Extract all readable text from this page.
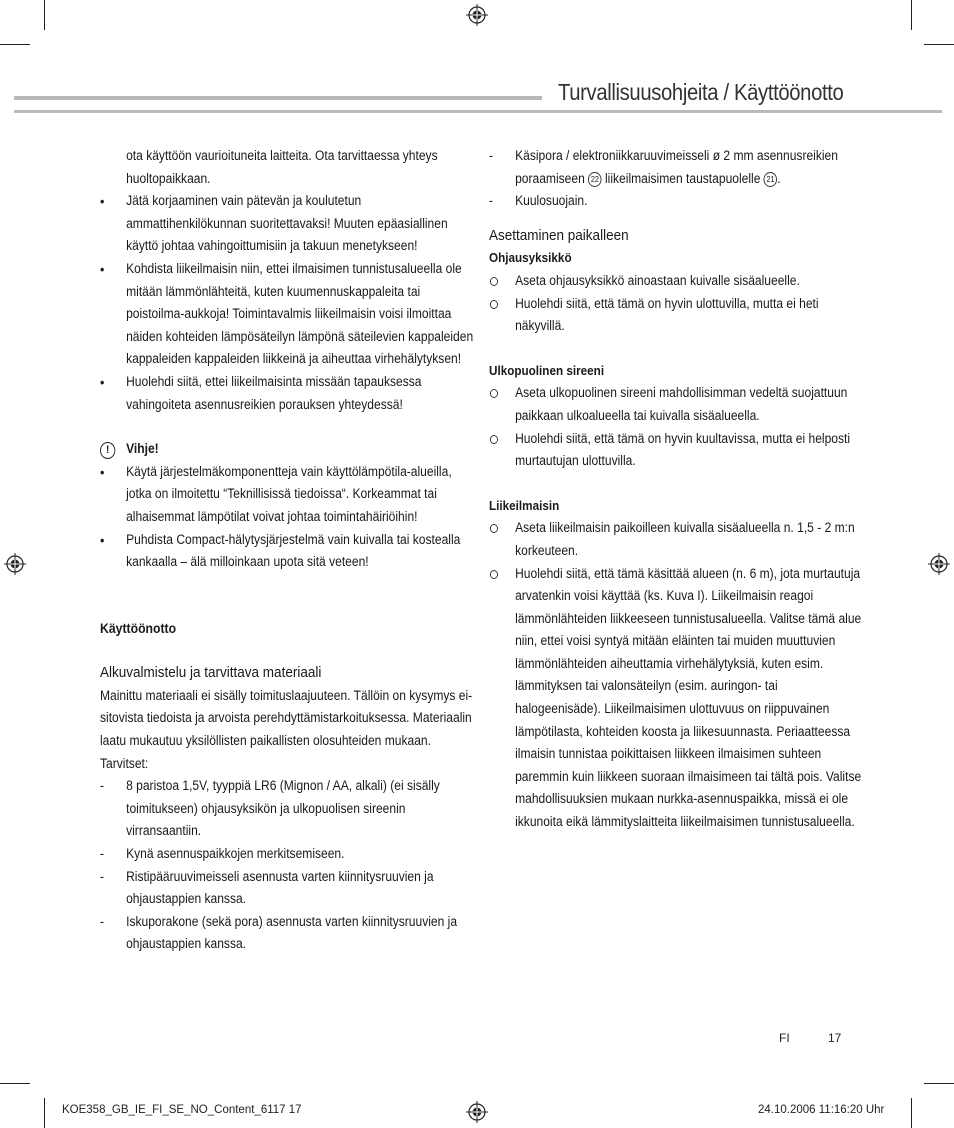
Turvallisuusohjeita / Käyttöönotto
ota käyttöön vaurioituneita laitteita. Ota tarvittaessa yhteys huoltopaikkaan.
•	Jätä korjaaminen vain pätevän ja koulutetun ammattihenkilökunnan suoritettavaksi! Muuten epäasiallinen käyttö johtaa vahingoittumisiin ja takuun menetykseen!
•	Kohdista liikeilmaisin niin, ettei ilmaisimen tunnistusalueella ole mitään lämmönlähteitä, kuten kuumennuskappaleita tai poistoilma-aukkoja! Toimintavalmis liikeilmaisin voisi ilmoittaa näiden kohteiden lämpösäteilyn lämpönä säteilevien kappaleiden kappaleiden kappaleiden liikkeinä ja aiheuttaa virhehälytyksen!
•	Huolehdi siitä, ettei liikeilmaisinta missään tapauksessa vahingoiteta asennusreikien porauksen yhteydessä!
!	Vihje!
•	Käytä järjestelmäkomponentteja vain käyttölämpötila-alueilla, jotka on ilmoitettu “Teknillisissä tiedoissa“. Korkeammat tai alhaisemmat lämpötilat voivat johtaa toimintahäiriöihin!
•	Puhdista Compact-hälytysjärjestelmä vain kuivalla tai kostealla kankaalla – älä milloinkaan upota sitä veteen!

Käyttöönotto

Alkuvalmistelu ja tarvittava materiaali

Mainittu materiaali ei sisälly toimituslaajuuteen. Tällöin on kysymys ei-sitovista tiedoista ja arvoista perehdyttämistarkoituksessa. Materiaalin laatu mukautuu yksilöllisten paikallisten olosuhteiden mukaan.

Tarvitset:

-	8 paristoa 1,5V, tyyppiä LR6 (Mignon / AA, alkali) (ei sisälly toimitukseen) ohjausyksikön ja ulkopuolisen sireenin virransaantiin.
-	Kynä asennuspaikkojen merkitsemiseen.
-	Ristipääruuvimeisseli asennusta varten kiinnitysruuvien ja ohjaustappien kanssa.
-	Iskuporakone (sekä pora) asennusta varten kiinnitysruuvien ja ohjaustappien kanssa.
-	Käsipora / elektroniikkaruuvimeisseli ø 2 mm asennusreikien poraamiseen 22 liikeilmaisimen taustapuolelle 21 .
-	Kuulosuojain.

Asettaminen paikalleen

Ohjausyksikkö

Aseta ohjausyksikkö ainoastaan kuivalle sisäalueelle.
Huolehdi siitä, että tämä on hyvin ulottuvilla, mutta ei heti näkyvillä.

Ulkopuolinen sireeni

Aseta ulkopuolinen sireeni mahdollisimman vedeltä suojattuun paikkaan ulkoalueella tai kuivalla sisäalueella.
Huolehdi siitä, että tämä on hyvin kuultavissa, mutta ei helposti murtautujan ulottuvilla.

Liikeilmaisin

Aseta liikeilmaisin paikoilleen kuivalla sisäalueella n. 1,5 - 2 m:n korkeuteen.
Huolehdi siitä, että tämä käsittää alueen (n. 6 m), jota murtautuja arvatenkin voisi käyttää (ks. Kuva I). Liikeilmaisin reagoi lämmönlähteiden liikkeeseen tunnistusalueella. Valitse tämä alue niin, ettei voisi syntyä mitään eläinten tai muiden muuttuvien lämmönlähteiden aiheuttamia virhehälytyksiä, kuten esim. lämmityksen tai valonsäteilyn (esim. auringon- tai halogeenisäde). Liikeilmaisimen ulottuvuus on riippuvainen lämpötilasta, kohteiden koosta ja liikesuunnasta. Periaatteessa ilmaisin tunnistaa poikittaisen liikkeen ilmaisimen suhteen paremmin kuin liikkeen suoraan ilmaisimeen tai tältä pois. Valitse mahdollisuuksien mukaan nurkka-asennuspaikka, missä ei ole ikkunoita eikä lämmityslaitteita liikeilmaisimen tunnistusalueella.
FI	17
KOE358_GB_IE_FI_SE_NO_Content_6117 17	24.10.2006 11:16:20 Uhr
